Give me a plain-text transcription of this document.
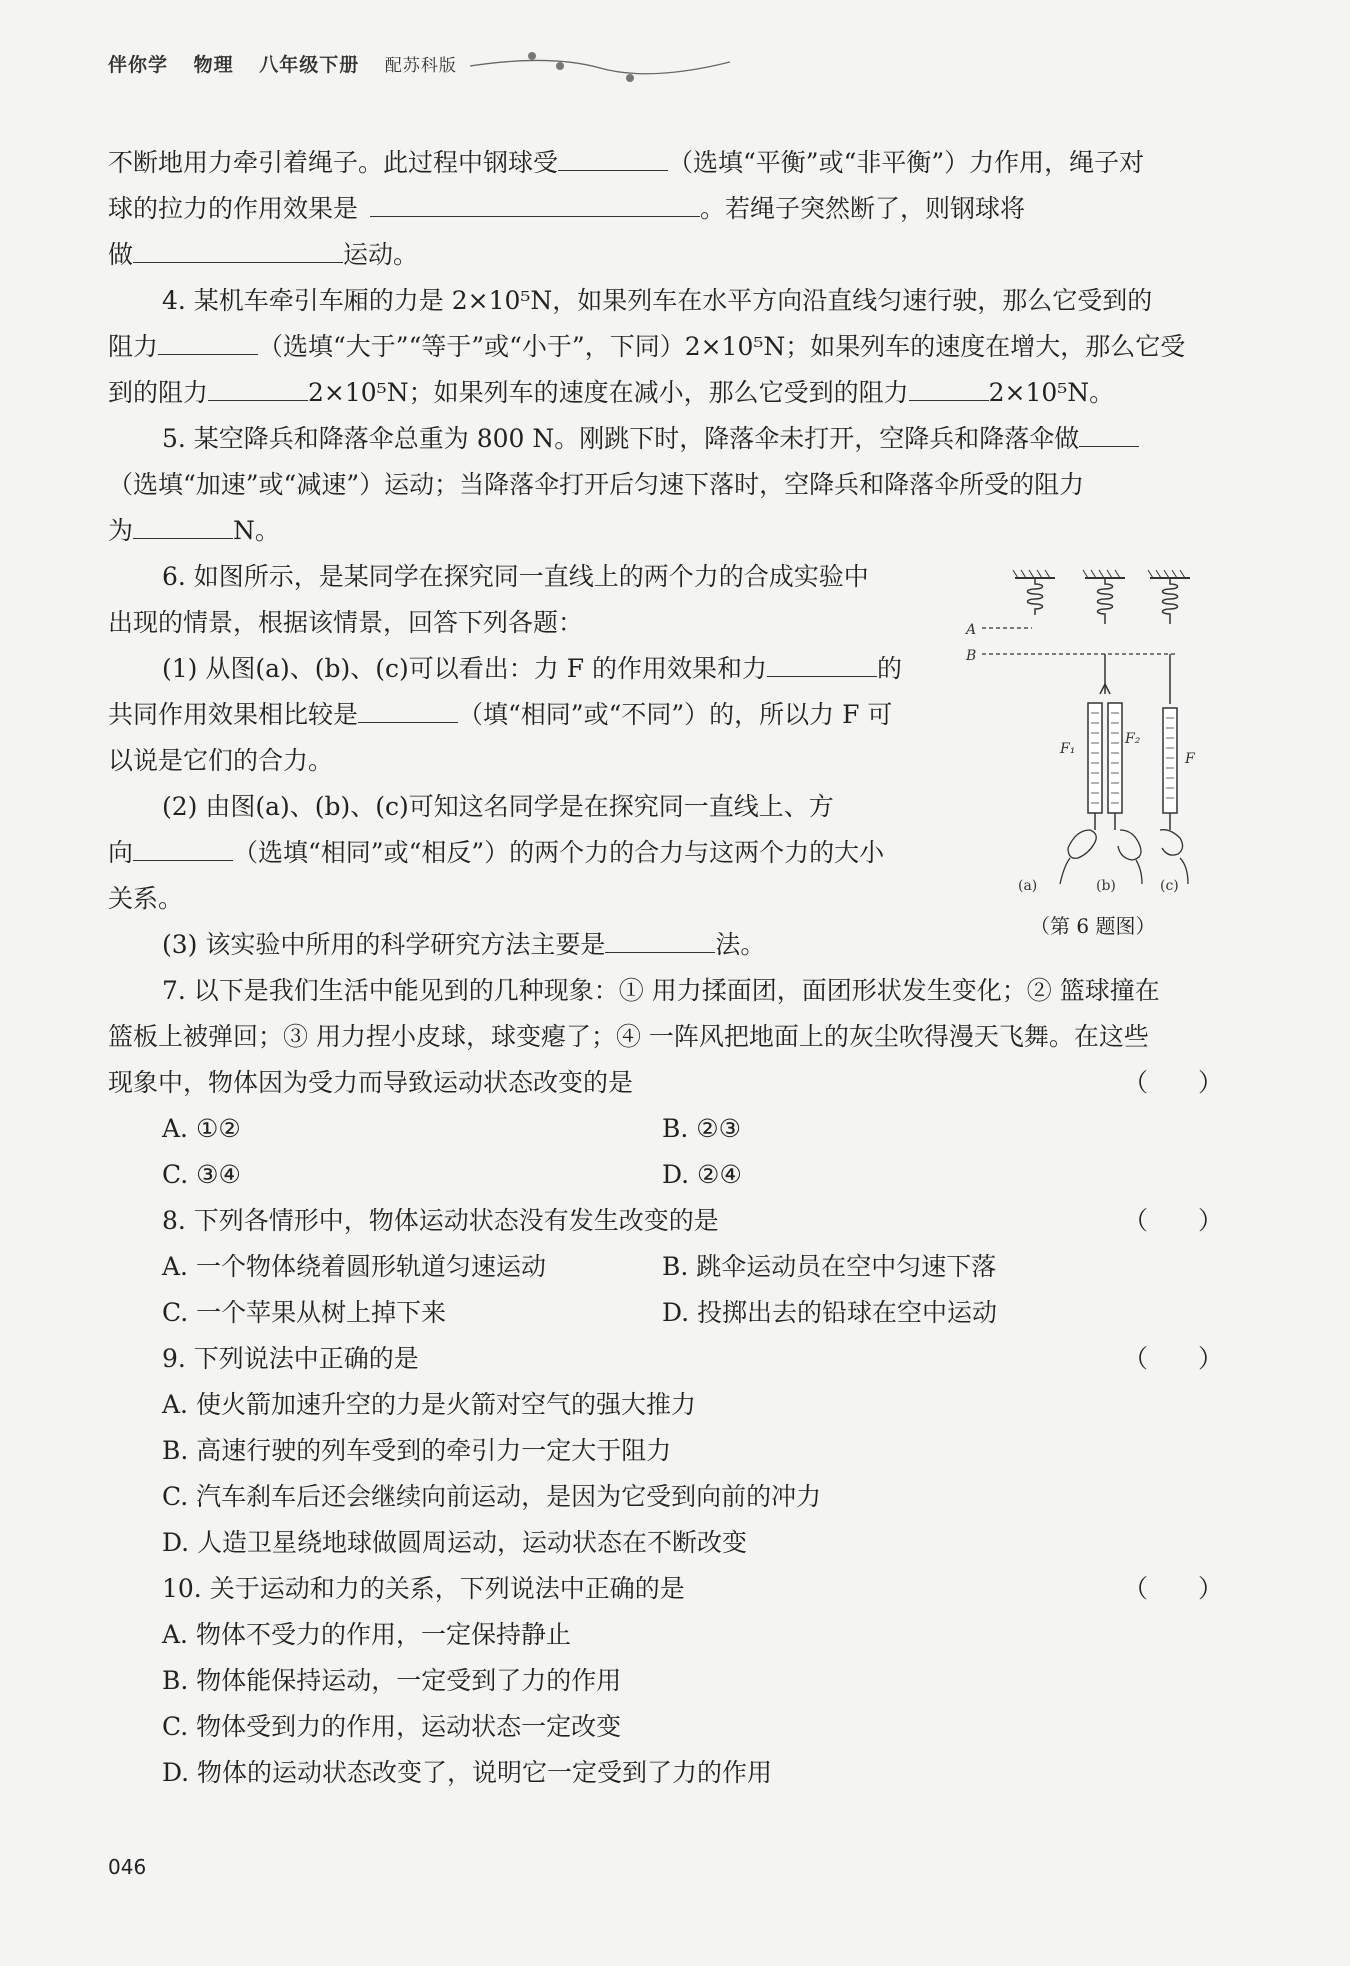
伴你学 物理 八年级下册 配苏科版

不断地用力牵引着绳子。此过程中钢球受	（选填“平衡”或“非平衡”）力作用，绳子对

球的拉力的作用效果是	。若绳子突然断了，则钢球将

做	运动。

4. 某机车牵引车厢的力是 2×10⁵N，如果列车在水平方向沿直线匀速行驶，那么它受到的

阻力	（选填“大于”“等于”或“小于”，下同）2×10⁵N；如果列车的速度在增大，那么它受

到的阻力	2×10⁵N；如果列车的速度在减小，那么它受到的阻力	2×10⁵N。

5. 某空降兵和降落伞总重为 800 N。刚跳下时，降落伞未打开，空降兵和降落伞做

（选填“加速”或“减速”）运动；当降落伞打开后匀速下落时，空降兵和降落伞所受的阻力

为	N。

6. 如图所示，是某同学在探究同一直线上的两个力的合成实验中

出现的情景，根据该情景，回答下列各题：

(1) 从图(a)、(b)、(c)可以看出：力 F 的作用效果和力	的

共同作用效果相比较是	（填“相同”或“不同”）的，所以力 F 可

以说是它们的合力。

(2) 由图(a)、(b)、(c)可知这名同学是在探究同一直线上、方

向	（选填“相同”或“相反”）的两个力的合力与这两个力的大小

关系。

(3) 该实验中所用的科学研究方法主要是	法。

7. 以下是我们生活中能见到的几种现象：① 用力揉面团，面团形状发生变化；② 篮球撞在

篮板上被弹回；③ 用力捏小皮球，球变瘪了；④ 一阵风把地面上的灰尘吹得漫天飞舞。在这些

现象中，物体因为受力而导致运动状态改变的是	（　　）
A. ①②	B. ②③
C. ③④	D. ②④
8. 下列各情形中，物体运动状态没有发生改变的是	（　　）
A. 一个物体绕着圆形轨道匀速运动	B. 跳伞运动员在空中匀速下落
C. 一个苹果从树上掉下来	D. 投掷出去的铅球在空中运动
9. 下列说法中正确的是	（　　）

A. 使火箭加速升空的力是火箭对空气的强大推力

B. 高速行驶的列车受到的牵引力一定大于阻力

C. 汽车刹车后还会继续向前运动，是因为它受到向前的冲力

D. 人造卫星绕地球做圆周运动，运动状态在不断改变

10. 关于运动和力的关系，下列说法中正确的是	（　　）

A. 物体不受力的作用，一定保持静止

B. 物体能保持运动，一定受到了力的作用

C. 物体受到力的作用，运动状态一定改变

D. 物体的运动状态改变了，说明它一定受到了力的作用

A
B
F₁
F₂
F
(a)	(b)	(c)
（第 6 题图）
046
